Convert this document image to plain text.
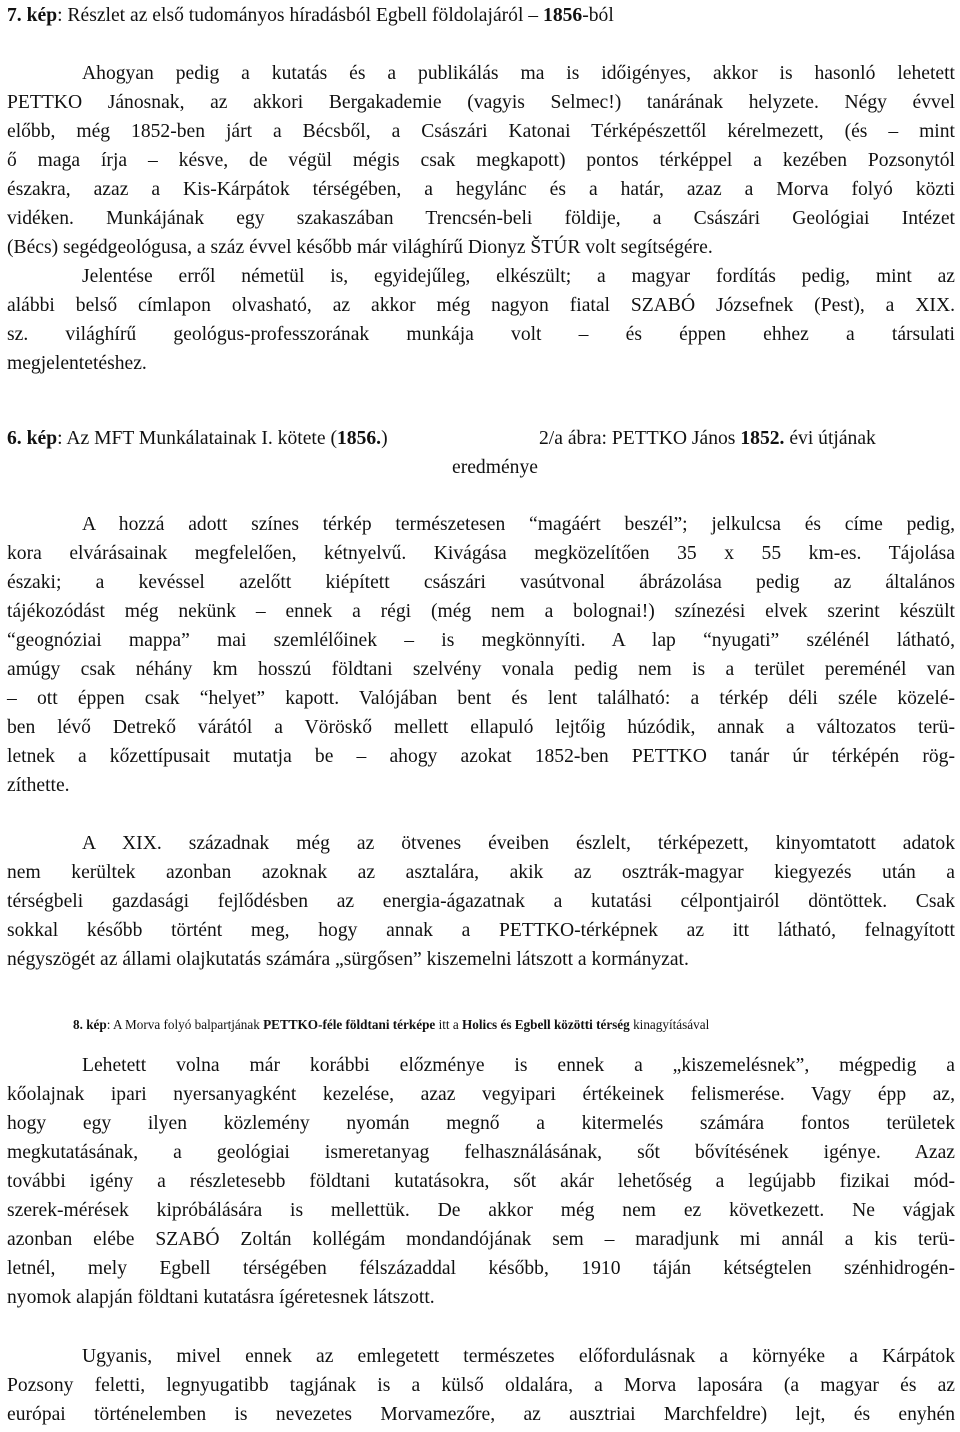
7. kép: Részlet az első tudományos híradásból Egbell földolajáról – 1856-ból
Ahogyan pedig a kutatás és a publikálás ma is időigényes, akkor is hasonló lehetett
PETTKO Jánosnak, az akkori Bergakademie (vagyis Selmec!) tanárának helyzete. Négy évvel
előbb, még 1852-ben járt a Bécsből, a Császári Katonai Térképészettől kérelmezett, (és – mint
ő maga írja – késve, de végül mégis csak megkapott) pontos térképpel a kezében Pozsonytól
északra, azaz a Kis-Kárpátok térségében, a hegylánc és a határ, azaz a Morva folyó közti
vidéken. Munkájának egy szakaszában Trencsén-beli földije, a Császári Geológiai Intézet
(Bécs) segédgeológusa, a száz évvel később már világhírű Dionyz ŠTÚR volt segítségére.
Jelentése erről németül is, egyidejűleg, elkészült; a magyar fordítás pedig, mint az
alábbi belső címlapon olvasható, az akkor még nagyon fiatal SZABÓ Józsefnek (Pest), a XIX.
sz. világhírű geológus-professzorának munkája volt – és éppen ehhez a társulati
megjelentetéshez.
6. kép: Az MFT Munkálatainak I. kötete (1856.)	2/a ábra: PETTKO János 1852. évi útjának
eredménye
A hozzá adott színes térkép természetesen “magáért beszél”; jelkulcsa és címe pedig,
kora elvárásainak megfelelően, kétnyelvű. Kivágása megközelítően 35 x 55 km-es. Tájolása
északi; a kevéssel azelőtt kiépített császári vasútvonal ábrázolása pedig az általános
tájékozódást még nekünk – ennek a régi (még nem a bolognai!) színezési elvek szerint készült
“geognóziai mappa” mai szemlélőinek – is megkönnyíti. A lap “nyugati” szélénél látható,
amúgy csak néhány km hosszú földtani szelvény vonala pedig nem is a terület pereménél van
– ott éppen csak “helyet” kapott. Valójában bent és lent található: a térkép déli széle közelé-
ben lévő Detrekő várától a Vöröskő mellett ellapuló lejtőig húzódik, annak a változatos terü-
letnek a kőzettípusait mutatja be – ahogy azokat 1852-ben PETTKO tanár úr térképén rög-
zíthette.
A XIX. századnak még az ötvenes éveiben észlelt, térképezett, kinyomtatott adatok
nem kerültek azonban azoknak az asztalára, akik az osztrák-magyar kiegyezés után a
térségbeli gazdasági fejlődésben az energia-ágazatnak a kutatási célpontjairól döntöttek. Csak
sokkal később történt meg, hogy annak a PETTKO-térképnek az itt látható, felnagyított
négyszögét az állami olajkutatás számára „sürgősen” kiszemelni látszott a kormányzat.
8. kép: A Morva folyó balpartjának PETTKO-féle földtani térképe itt a Holics és Egbell közötti térség kinagyításával
Lehetett volna már korábbi előzménye is ennek a „kiszemelésnek”, mégpedig a
kőolajnak ipari nyersanyagként kezelése, azaz vegyipari értékeinek felismerése. Vagy épp az,
hogy egy ilyen közlemény nyomán megnő a kitermelés számára fontos területek
megkutatásának, a geológiai ismeretanyag felhasználásának, sőt bővítésének igénye. Azaz
további igény a részletesebb földtani kutatásokra, sőt akár lehetőség a legújabb fizikai mód-
szerek-mérések kipróbálására is mellettük. De akkor még nem ez következett. Ne vágjak
azonban elébe SZABÓ Zoltán kollégám mondandójának sem – maradjunk mi annál a kis terü-
letnél, mely Egbell térségében félszázaddal később, 1910 táján kétségtelen szénhidrogén-
nyomok alapján földtani kutatásra ígéretesnek látszott.
Ugyanis, mivel ennek az emlegetett természetes előfordulásnak a környéke a Kárpátok
Pozsony feletti, legnyugatibb tagjának is a külső oldalára, a Morva laposára (a magyar és az
európai történelemben is nevezetes Morvamezőre, az ausztriai Marchfeldre) lejt, és enyhén
